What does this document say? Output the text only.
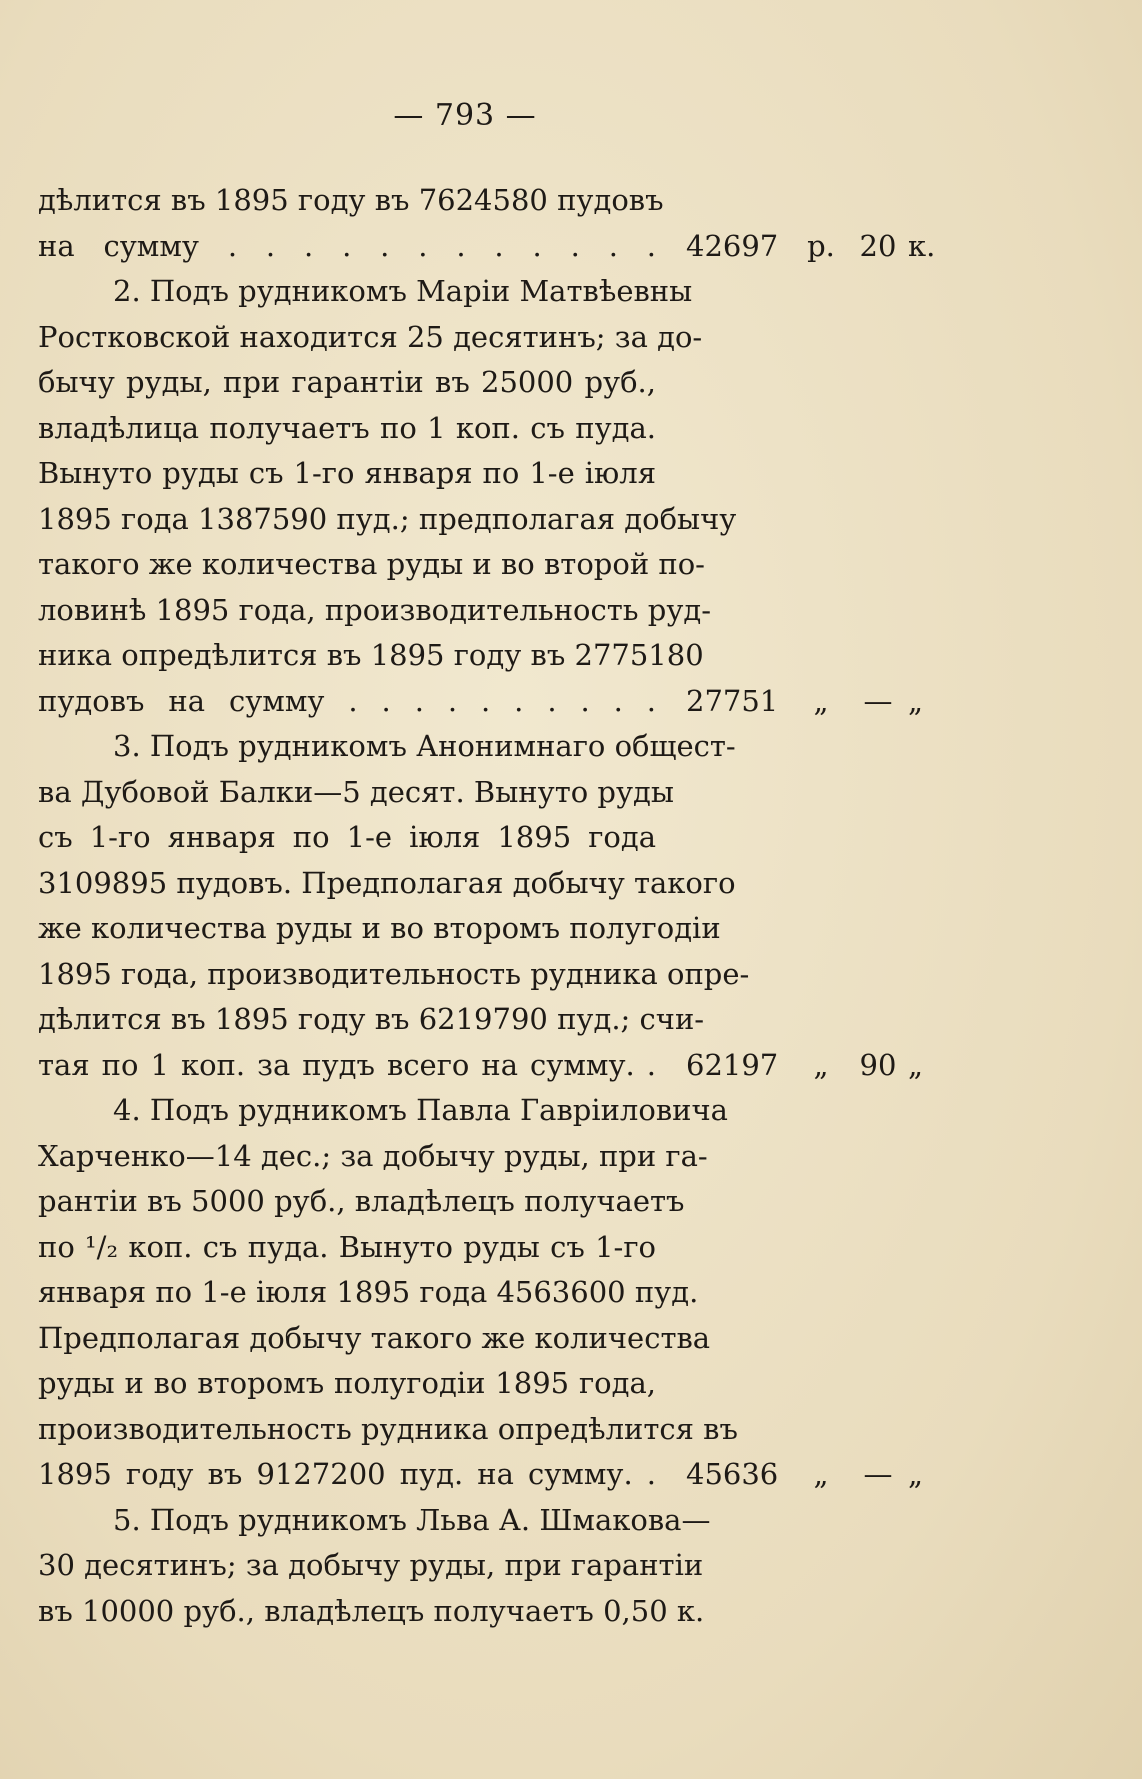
— 793 —
дѣлится въ 1895 году въ 7624580 пудовъ
на сумму . . . . . . . . . . . . 42697 р. 20 к.
2. Подъ рудникомъ Маріи Матвѣевны
Ростковской находится 25 десятинъ; за до-
бычу руды, при гарантіи въ 25000 руб.,
владѣлица получаетъ по 1 коп. съ пуда.
Вынуто руды съ 1-го января по 1-е іюля
1895 года 1387590 пуд.; предполагая добычу
такого же количества руды и во второй по-
ловинѣ 1895 года, производительность руд-
ника опредѣлится въ 1895 году въ 2775180
пудовъ на сумму . . . . . . . . . . 27751 „ — „
3. Подъ рудникомъ Анонимнаго общест-
ва Дубовой Балки—5 десят. Вынуто руды
съ 1-го января по 1-е іюля 1895 года
3109895 пудовъ. Предполагая добычу такого
же количества руды и во второмъ полугодіи
1895 года, производительность рудника опре-
дѣлится въ 1895 году въ 6219790 пуд.; счи-
тая по 1 коп. за пудъ всего на сумму. . 62197 „ 90 „
4. Подъ рудникомъ Павла Гавріиловича
Харченко—14 дес.; за добычу руды, при га-
рантіи въ 5000 руб., владѣлецъ получаетъ
по ¹/₂ коп. съ пуда. Вынуто руды съ 1-го
января по 1-е іюля 1895 года 4563600 пуд.
Предполагая добычу такого же количества
руды и во второмъ полугодіи 1895 года,
производительность рудника опредѣлится въ
1895 году въ 9127200 пуд. на сумму. . 45636 „ — „
5. Подъ рудникомъ Льва А. Шмакова—
30 десятинъ; за добычу руды, при гарантіи
въ 10000 руб., владѣлецъ получаетъ 0,50 к.
